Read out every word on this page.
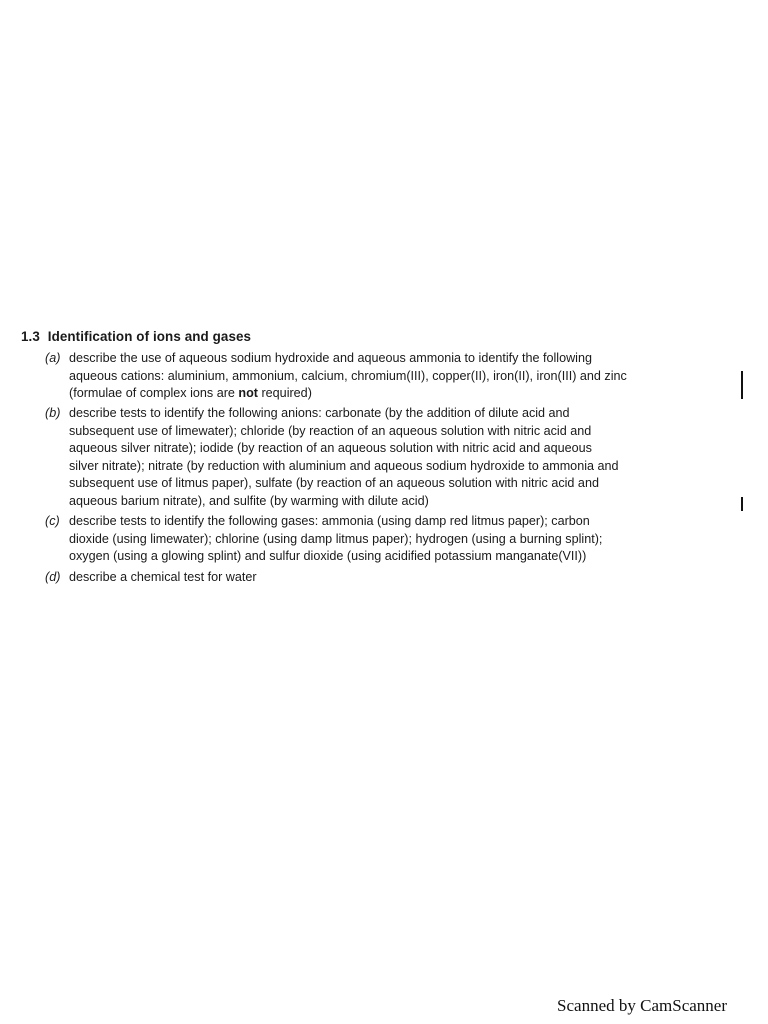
1.3 Identification of ions and gases
(a) describe the use of aqueous sodium hydroxide and aqueous ammonia to identify the following
aqueous cations: aluminium, ammonium, calcium, chromium(III), copper(II), iron(II), iron(III) and zinc
(formulae of complex ions are not required)
(b) describe tests to identify the following anions: carbonate (by the addition of dilute acid and
subsequent use of limewater); chloride (by reaction of an aqueous solution with nitric acid and
aqueous silver nitrate); iodide (by reaction of an aqueous solution with nitric acid and aqueous
silver nitrate); nitrate (by reduction with aluminium and aqueous sodium hydroxide to ammonia and
subsequent use of litmus paper), sulfate (by reaction of an aqueous solution with nitric acid and
aqueous barium nitrate), and sulfite (by warming with dilute acid)
(c) describe tests to identify the following gases: ammonia (using damp red litmus paper); carbon
dioxide (using limewater); chlorine (using damp litmus paper); hydrogen (using a burning splint);
oxygen (using a glowing splint) and sulfur dioxide (using acidified potassium manganate(VII))
(d) describe a chemical test for water
Scanned by CamScanner
